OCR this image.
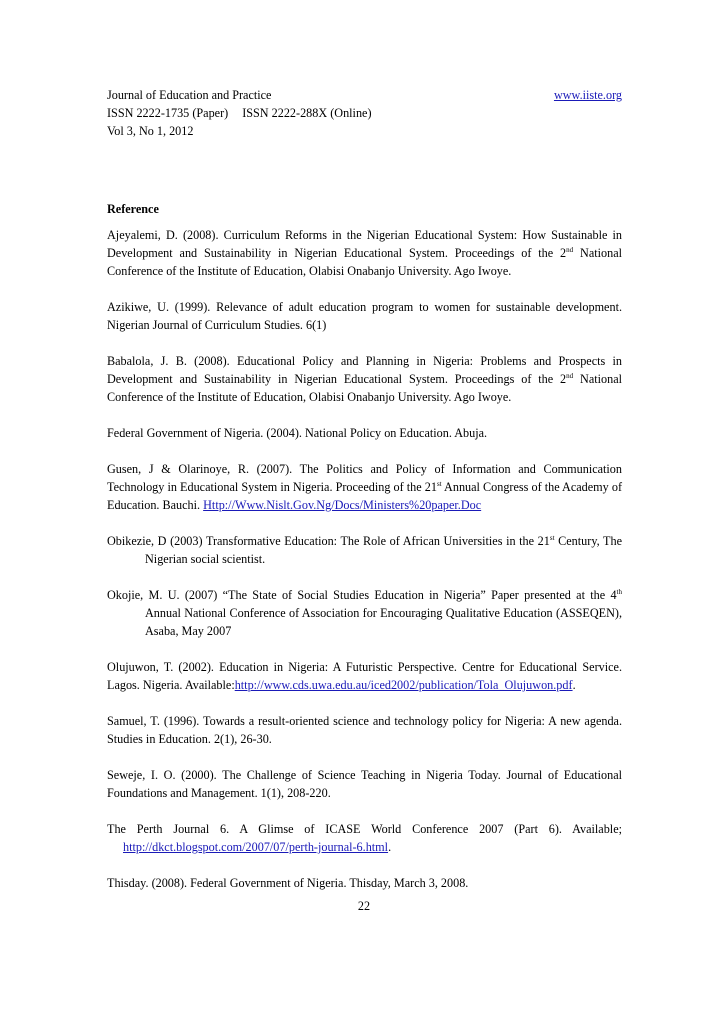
Journal of Education and Practice	www.iiste.org
ISSN 2222-1735 (Paper) ISSN 2222-288X (Online)
Vol 3, No 1, 2012
Reference

Ajeyalemi, D. (2008). Curriculum Reforms in the Nigerian Educational System: How Sustainable in Development and Sustainability in Nigerian Educational System. Proceedings of the 2nd National Conference of the Institute of Education, Olabisi Onabanjo University. Ago Iwoye.

Azikiwe, U. (1999). Relevance of adult education program to women for sustainable development. Nigerian Journal of Curriculum Studies. 6(1)

Babalola, J. B. (2008). Educational Policy and Planning in Nigeria: Problems and Prospects in Development and Sustainability in Nigerian Educational System. Proceedings of the 2nd National Conference of the Institute of Education, Olabisi Onabanjo University. Ago Iwoye.

Federal Government of Nigeria. (2004). National Policy on Education. Abuja.

Gusen, J & Olarinoye, R. (2007). The Politics and Policy of Information and Communication Technology in Educational System in Nigeria. Proceeding of the 21st Annual Congress of the Academy of Education. Bauchi. Http://Www.Nislt.Gov.Ng/Docs/Ministers%20paper.Doc

Obikezie, D (2003) Transformative Education: The Role of African Universities in the 21st Century, The Nigerian social scientist.

Okojie, M. U. (2007) “The State of Social Studies Education in Nigeria” Paper presented at the 4th Annual National Conference of Association for Encouraging Qualitative Education (ASSEQEN), Asaba, May 2007

Olujuwon, T. (2002). Education in Nigeria: A Futuristic Perspective. Centre for Educational Service. Lagos. Nigeria. Available:http://www.cds.uwa.edu.au/iced2002/publication/Tola_Olujuwon.pdf.

Samuel, T. (1996). Towards a result-oriented science and technology policy for Nigeria: A new agenda. Studies in Education. 2(1), 26-30.

Seweje, I. O. (2000). The Challenge of Science Teaching in Nigeria Today. Journal of Educational Foundations and Management. 1(1), 208-220.

The Perth Journal 6. A Glimse of ICASE World Conference 2007 (Part 6). Available; http://dkct.blogspot.com/2007/07/perth-journal-6.html.

Thisday. (2008). Federal Government of Nigeria. Thisday, March 3, 2008.

22
